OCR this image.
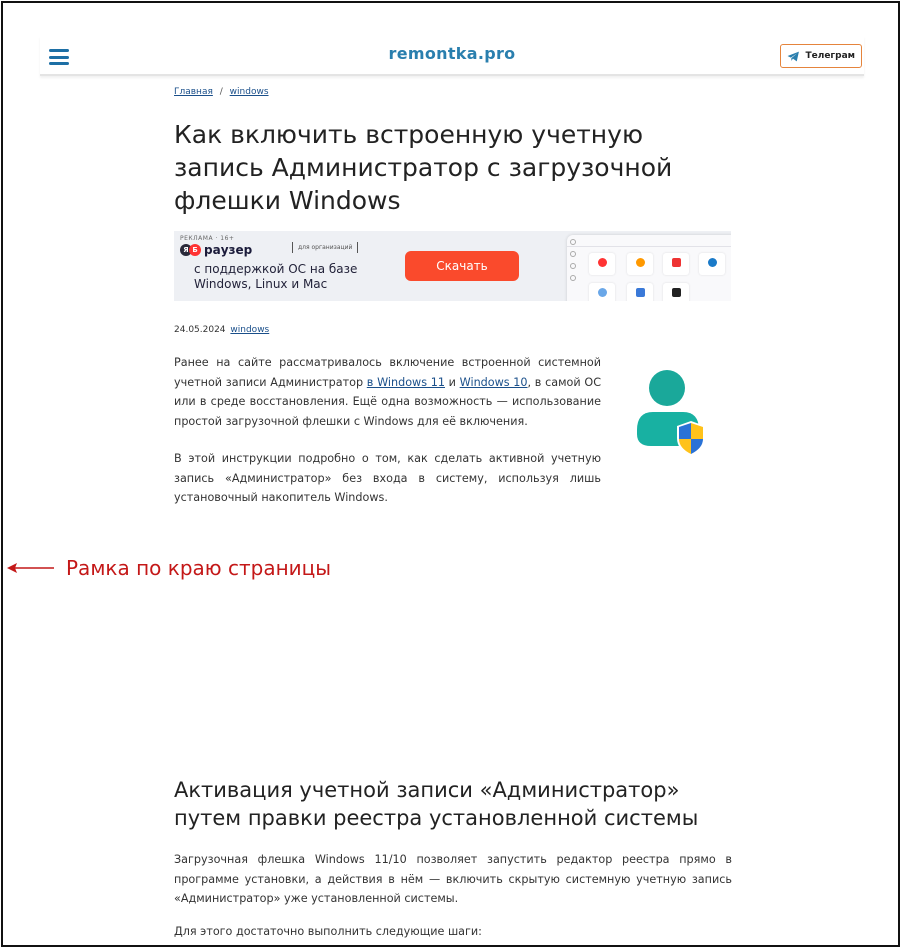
remontka.pro	Телеграм
Главная / windows
Как включить встроенную учетную запись Администратор с загрузочной флешки Windows
РЕКЛАМА · 16+
Я Б рaузер	для организаций
с поддержкой ОС на базе
Windows, Linux и Mac
Скачать
24.05.2024 windows

Ранее на сайте рассматривалось включение встроенной системной учетной записи Администратор в Windows 11 и Windows 10, в самой ОС или в среде восстановления. Ещё одна возможность — использование простой загрузочной флешки с Windows для её включения.

В этой инструкции подробно о том, как сделать активной учетную запись «Администратор» без входа в систему, используя лишь установочный накопитель Windows.

Рамка по краю страницы
Активация учетной записи «Администратор» путем правки реестра установленной системы

Загрузочная флешка Windows 11/10 позволяет запустить редактор реестра прямо в программе установки, а действия в нём — включить скрытую системную учетную запись «Администратор» уже установленной системы.

Для этого достаточно выполнить следующие шаги:
